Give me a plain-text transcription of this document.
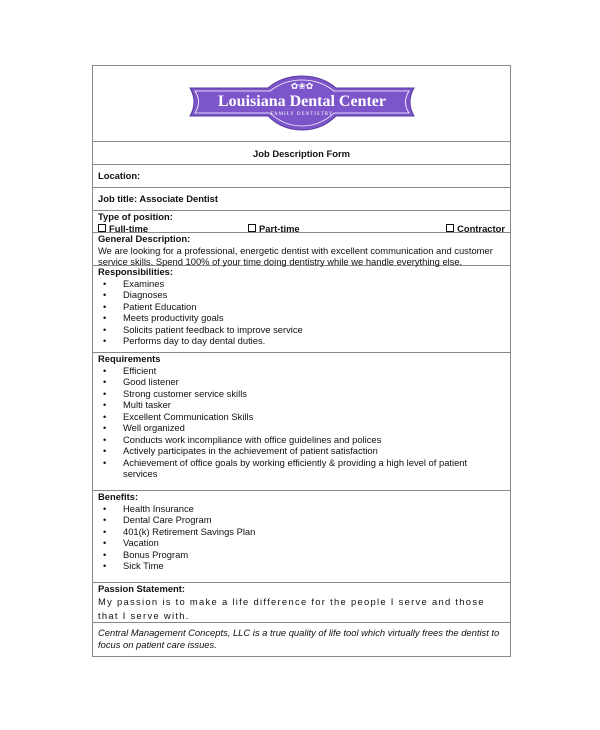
Louisiana Dental Center
FAMILY DENTISTRY
✿❀✿
Job Description Form
Location:
Job title: Associate Dentist
Type of position:
Full-time	Part-time	Contractor
General Description:
We are looking for a professional, energetic dentist with excellent communication and customer service skills. Spend 100% of your time doing dentistry while we handle everything else.
Responsibilities:
• Examines
• Diagnoses
• Patient Education
• Meets productivity goals
• Solicits patient feedback to improve service
• Performs day to day dental duties.
Requirements
• Efficient
• Good listener
• Strong customer service skills
• Multi tasker
• Excellent Communication Skills
• Well organized
• Conducts work incompliance with office guidelines and polices
• Actively participates in the achievement of patient satisfaction
• Achievement of office goals by working efficiently & providing a high level of patient services
Benefits:
• Health Insurance
• Dental Care Program
• 401(k) Retirement Savings Plan
• Vacation
• Bonus Program
• Sick Time
Passion Statement:
My passion is to make a life difference for the people I serve and those that I serve with.
Central Management Concepts, LLC is a true quality of life tool which virtually frees the dentist to focus on patient care issues.
